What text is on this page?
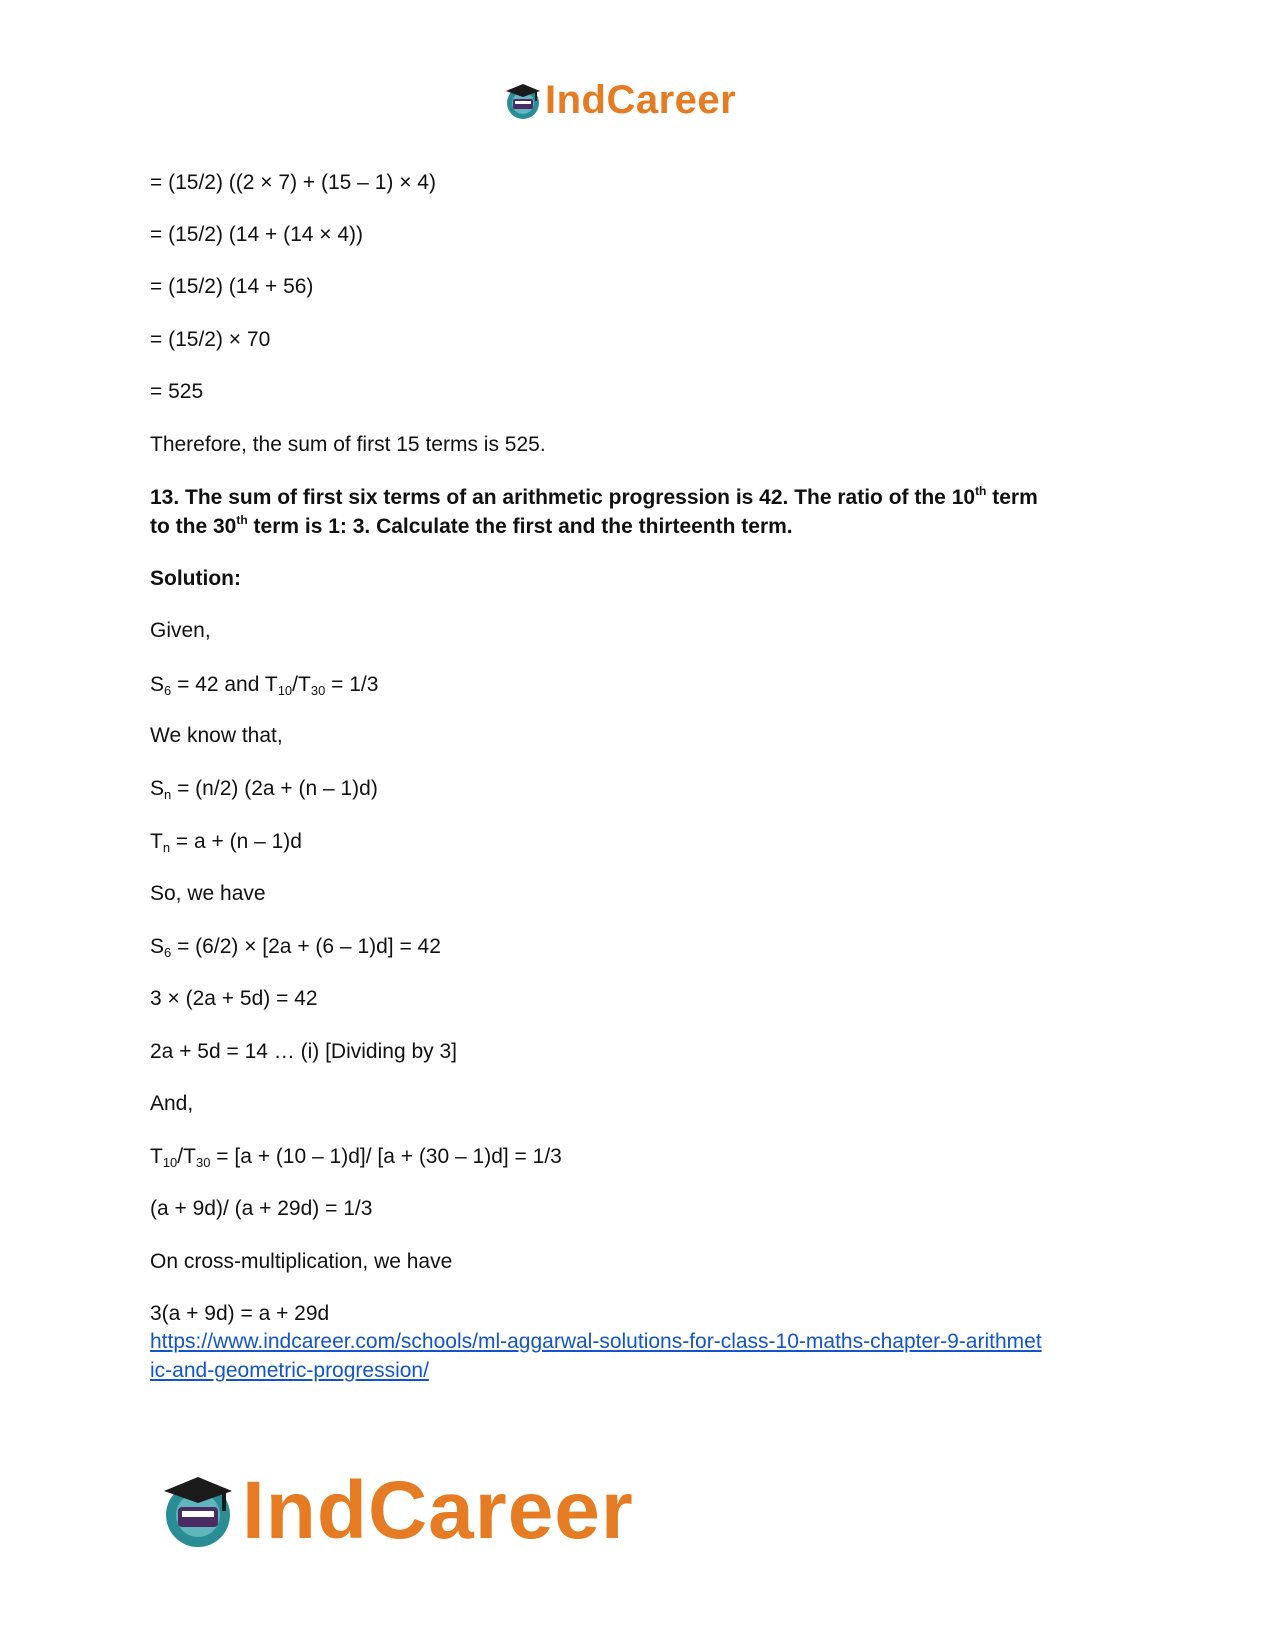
IndCareer
= (15/2) ((2 × 7) + (15 – 1) × 4)
= (15/2) (14 + (14 × 4))
= (15/2) (14 + 56)
= (15/2) × 70
= 525
Therefore, the sum of first 15 terms is 525.
13. The sum of first six terms of an arithmetic progression is 42. The ratio of the 10th term
to the 30th term is 1: 3. Calculate the first and the thirteenth term.
Solution:
Given,
$S_6 = 42$ and $T_{10}/T_{30} = 1/3$
We know that,
$S_n = (n/2) (2a + (n - 1)d)$
$T_n = a + (n - 1)d$
So, we have
$S_6 = (6/2) \times [2a + (6 - 1)d] = 42$
3 × (2a + 5d) = 42
2a + 5d = 14 … (i) [Dividing by 3]
And,
$T_{10}/T_{30} = [a + (10 - 1)d]/$ [a + (30 – 1)d] = 1/3
(a + 9d)/ (a + 29d) = 1/3
On cross-multiplication, we have
3(a + 9d) = a + 29d
https://www.indcareer.com/schools/ml-aggarwal-solutions-for-class-10-maths-chapter-9-arithmet
ic-and-geometric-progression/
IndCareer
